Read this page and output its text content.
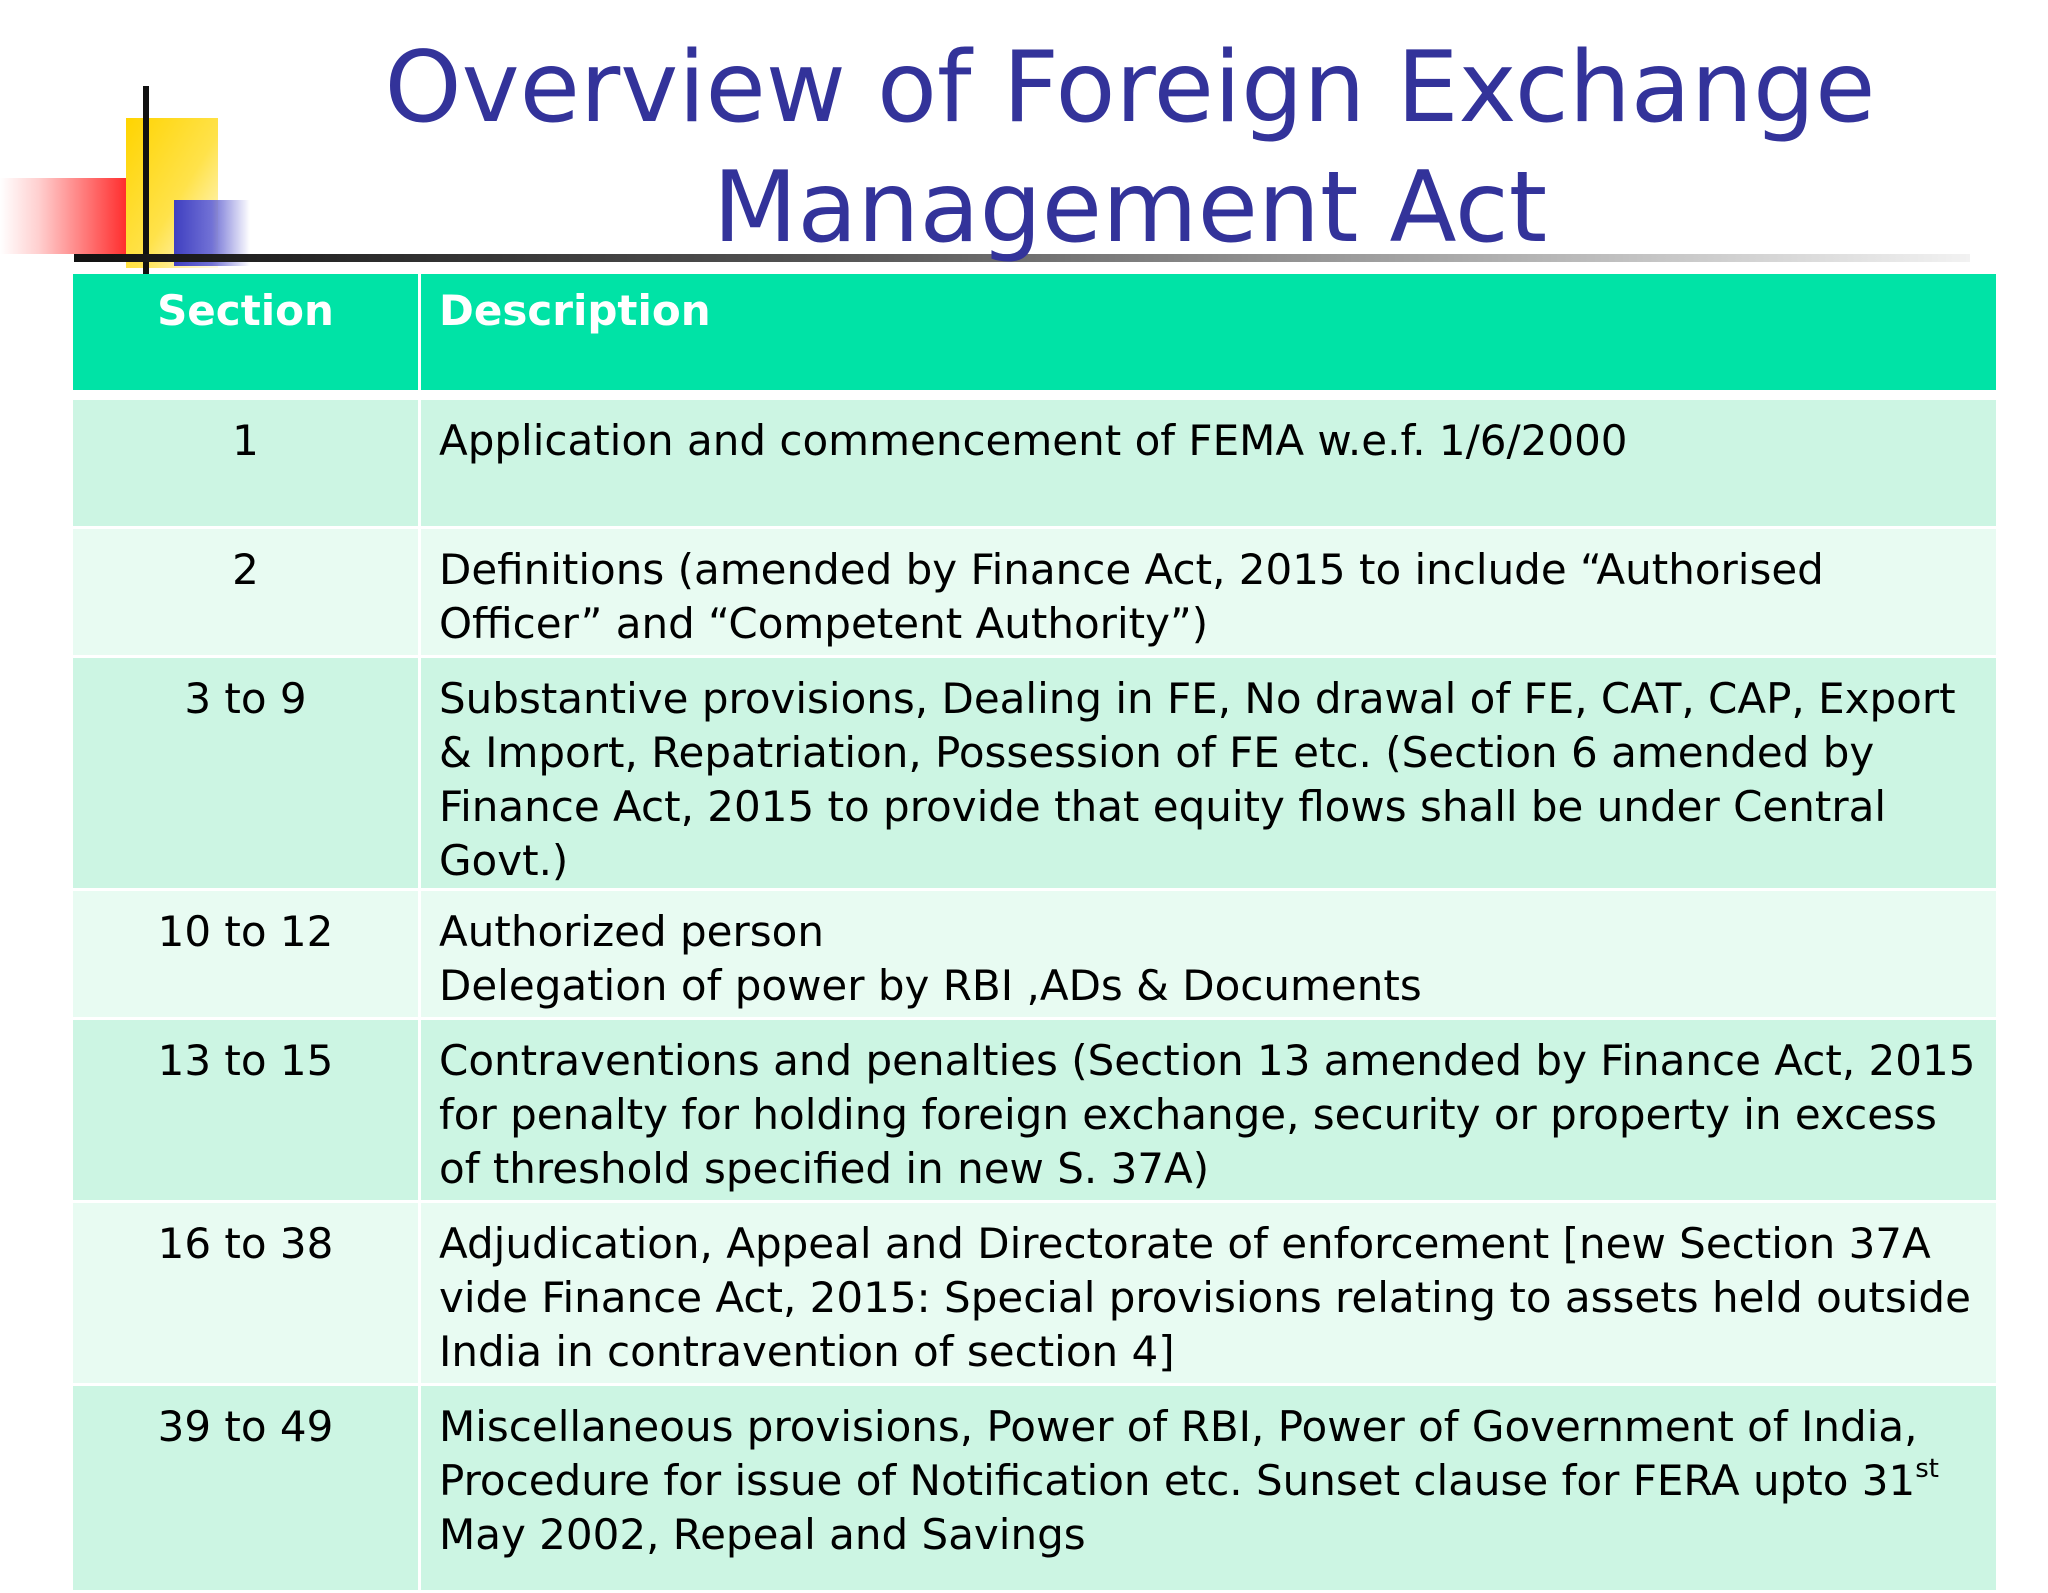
Overview of Foreign Exchange
Management Act
Section	Description
1	Application and commencement of FEMA w.e.f. 1/6/2000
2	Definitions (amended by Finance Act, 2015 to include “Authorised Officer” and “Competent Authority”)
3 to 9	Substantive provisions, Dealing in FE, No drawal of FE, CAT, CAP, Export & Import, Repatriation, Possession of FE etc. (Section 6 amended by Finance Act, 2015 to provide that equity flows shall be under Central Govt.)
10 to 12	Authorized person
Delegation of power by RBI ,ADs & Documents

13 to 15	Contraventions and penalties (Section 13 amended by Finance Act, 2015 for penalty for holding foreign exchange, security or property in excess of threshold specified in new S. 37A)
16 to 38	Adjudication, Appeal and Directorate of enforcement [new Section 37A vide Finance Act, 2015: Special provisions relating to assets held outside India in contravention of section 4]
39 to 49	Miscellaneous provisions, Power of RBI, Power of Government of India, Procedure for issue of Notification etc. Sunset clause for FERA upto 31st May 2002, Repeal and Savings
